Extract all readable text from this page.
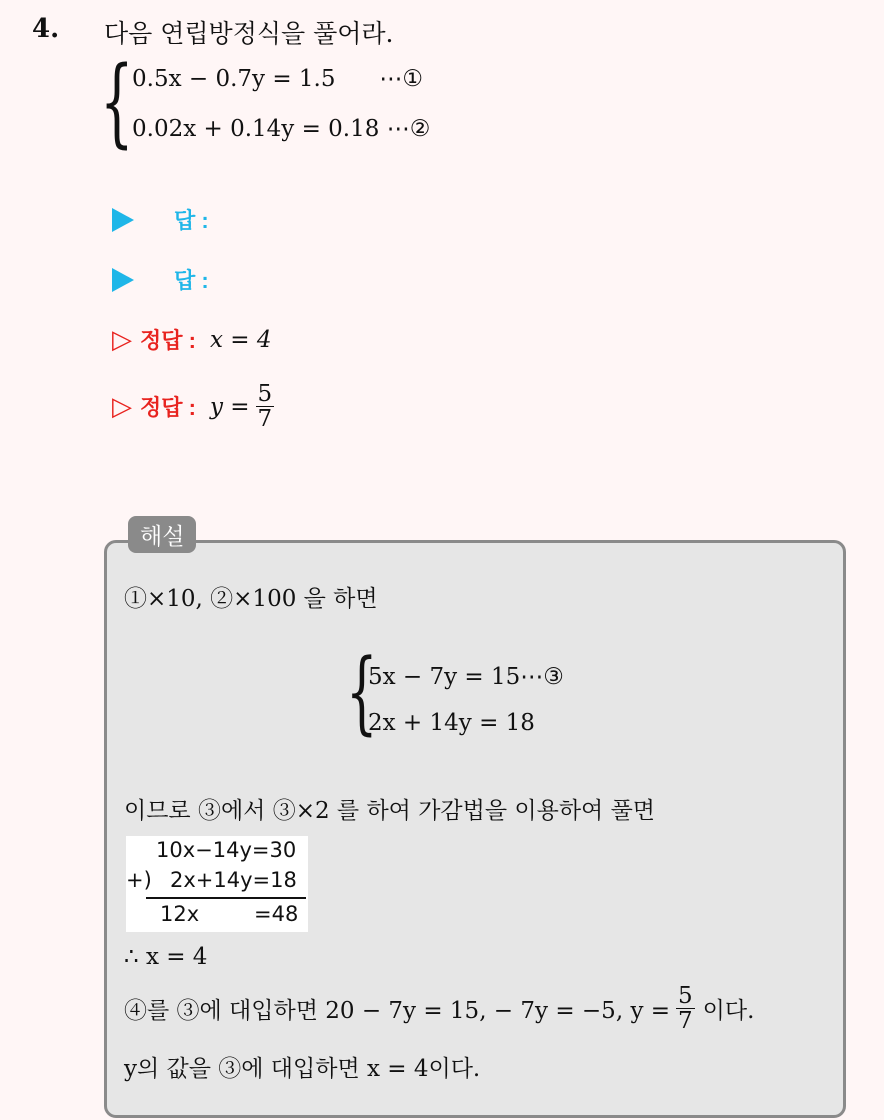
4. 다음 연립방정식을 풀어라.
{
0.5x − 0.7y = 1.5      ⋯①
0.02x + 0.14y = 0.18 ⋯②
답 :
답 :
▷ 정답 : x = 4
▷ 정답 : $y = \frac{5}{7}$
해설
①×10, ②×100 을 하면
{
5x − 7y = 15⋯③
2x + 14y = 18
이므로 ③에서 ③×2 를 하여 가감법을 이용하여 풀면
10x−14y=30
+) 2x+14y=18
12x	=48
∴ x = 4
④를 ③에 대입하면 20 − 7y = 15, − 7y = −5, $y = \frac{5}{7}$ 이다.
y의 값을 ③에 대입하면 x = 4이다.
